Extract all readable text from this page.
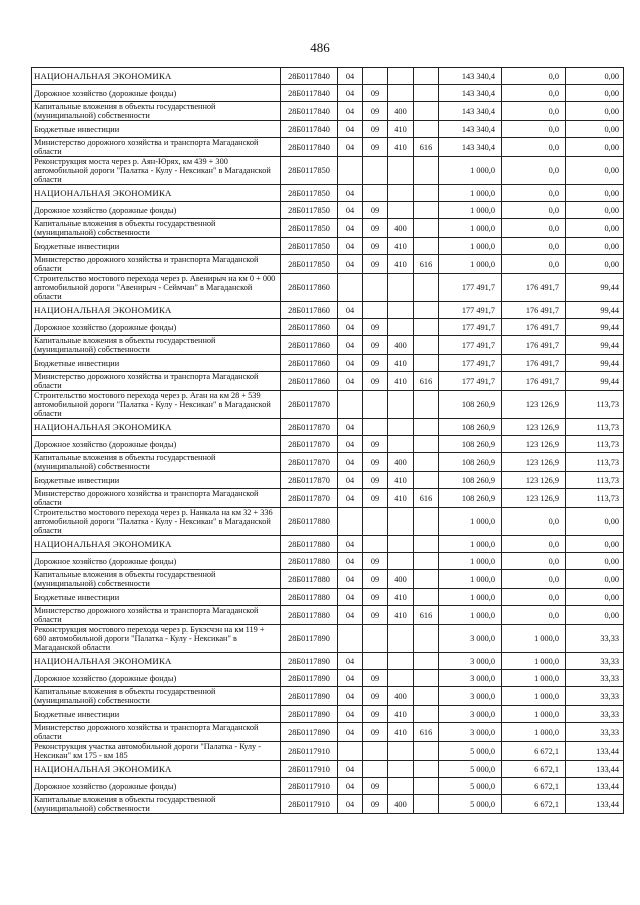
486
НАЦИОНАЛЬНАЯ ЭКОНОМИКА	28Б0117840	04				143 340,4	0,0	0,00
Дорожное хозяйство (дорожные фонды)	28Б0117840	04	09			143 340,4	0,0	0,00
Капитальные вложения в объекты государственной (муниципальной) собственности	28Б0117840	04	09	400		143 340,4	0,0	0,00
Бюджетные инвестиции	28Б0117840	04	09	410		143 340,4	0,0	0,00
Министерство дорожного хозяйства и транспорта Магаданской области	28Б0117840	04	09	410	616	143 340,4	0,0	0,00
Реконструкция моста через р. Аян-Юрях, км 439 + 300 автомобильной дороги "Палатка - Кулу - Нексикан" в Магаданской области	28Б0117850					1 000,0	0,0	0,00
НАЦИОНАЛЬНАЯ ЭКОНОМИКА	28Б0117850	04				1 000,0	0,0	0,00
Дорожное хозяйство (дорожные фонды)	28Б0117850	04	09			1 000,0	0,0	0,00
Капитальные вложения в объекты государственной (муниципальной) собственности	28Б0117850	04	09	400		1 000,0	0,0	0,00
Бюджетные инвестиции	28Б0117850	04	09	410		1 000,0	0,0	0,00
Министерство дорожного хозяйства и транспорта Магаданской области	28Б0117850	04	09	410	616	1 000,0	0,0	0,00
Строительство мостового перехода через р. Авенирыч на км 0 + 000 автомобильной дороги "Авенирыч - Сеймчан" в Магаданской области	28Б0117860					177 491,7	176 491,7	99,44
НАЦИОНАЛЬНАЯ ЭКОНОМИКА	28Б0117860	04				177 491,7	176 491,7	99,44
Дорожное хозяйство (дорожные фонды)	28Б0117860	04	09			177 491,7	176 491,7	99,44
Капитальные вложения в объекты государственной (муниципальной) собственности	28Б0117860	04	09	400		177 491,7	176 491,7	99,44
Бюджетные инвестиции	28Б0117860	04	09	410		177 491,7	176 491,7	99,44
Министерство дорожного хозяйства и транспорта Магаданской области	28Б0117860	04	09	410	616	177 491,7	176 491,7	99,44
Строительство мостового перехода через р. Аган на км 28 + 539 автомобильной дороги "Палатка - Кулу - Нексикан" в Магаданской области	28Б0117870					108 260,9	123 126,9	113,73
НАЦИОНАЛЬНАЯ ЭКОНОМИКА	28Б0117870	04				108 260,9	123 126,9	113,73
Дорожное хозяйство (дорожные фонды)	28Б0117870	04	09			108 260,9	123 126,9	113,73
Капитальные вложения в объекты государственной (муниципальной) собственности	28Б0117870	04	09	400		108 260,9	123 126,9	113,73
Бюджетные инвестиции	28Б0117870	04	09	410		108 260,9	123 126,9	113,73
Министерство дорожного хозяйства и транспорта Магаданской области	28Б0117870	04	09	410	616	108 260,9	123 126,9	113,73
Строительство мостового перехода через р. Нанкала на км 32 + 336 автомобильной дороги "Палатка - Кулу - Нексикан" в Магаданской области	28Б0117880					1 000,0	0,0	0,00
НАЦИОНАЛЬНАЯ ЭКОНОМИКА	28Б0117880	04				1 000,0	0,0	0,00
Дорожное хозяйство (дорожные фонды)	28Б0117880	04	09			1 000,0	0,0	0,00
Капитальные вложения в объекты государственной (муниципальной) собственности	28Б0117880	04	09	400		1 000,0	0,0	0,00
Бюджетные инвестиции	28Б0117880	04	09	410		1 000,0	0,0	0,00
Министерство дорожного хозяйства и транспорта Магаданской области	28Б0117880	04	09	410	616	1 000,0	0,0	0,00
Реконструкция мостового перехода через р. Букэсчэн на км 119 + 680 автомобильной дороги "Палатка - Кулу - Нексикан" в Магаданской области	28Б0117890					3 000,0	1 000,0	33,33
НАЦИОНАЛЬНАЯ ЭКОНОМИКА	28Б0117890	04				3 000,0	1 000,0	33,33
Дорожное хозяйство (дорожные фонды)	28Б0117890	04	09			3 000,0	1 000,0	33,33
Капитальные вложения в объекты государственной (муниципальной) собственности	28Б0117890	04	09	400		3 000,0	1 000,0	33,33
Бюджетные инвестиции	28Б0117890	04	09	410		3 000,0	1 000,0	33,33
Министерство дорожного хозяйства и транспорта Магаданской области	28Б0117890	04	09	410	616	3 000,0	1 000,0	33,33
Реконструкция участка автомобильной дороги "Палатка - Кулу - Нексикан" км 175 - км 185	28Б0117910					5 000,0	6 672,1	133,44
НАЦИОНАЛЬНАЯ ЭКОНОМИКА	28Б0117910	04				5 000,0	6 672,1	133,44
Дорожное хозяйство (дорожные фонды)	28Б0117910	04	09			5 000,0	6 672,1	133,44
Капитальные вложения в объекты государственной (муниципальной) собственности	28Б0117910	04	09	400		5 000,0	6 672,1	133,44
